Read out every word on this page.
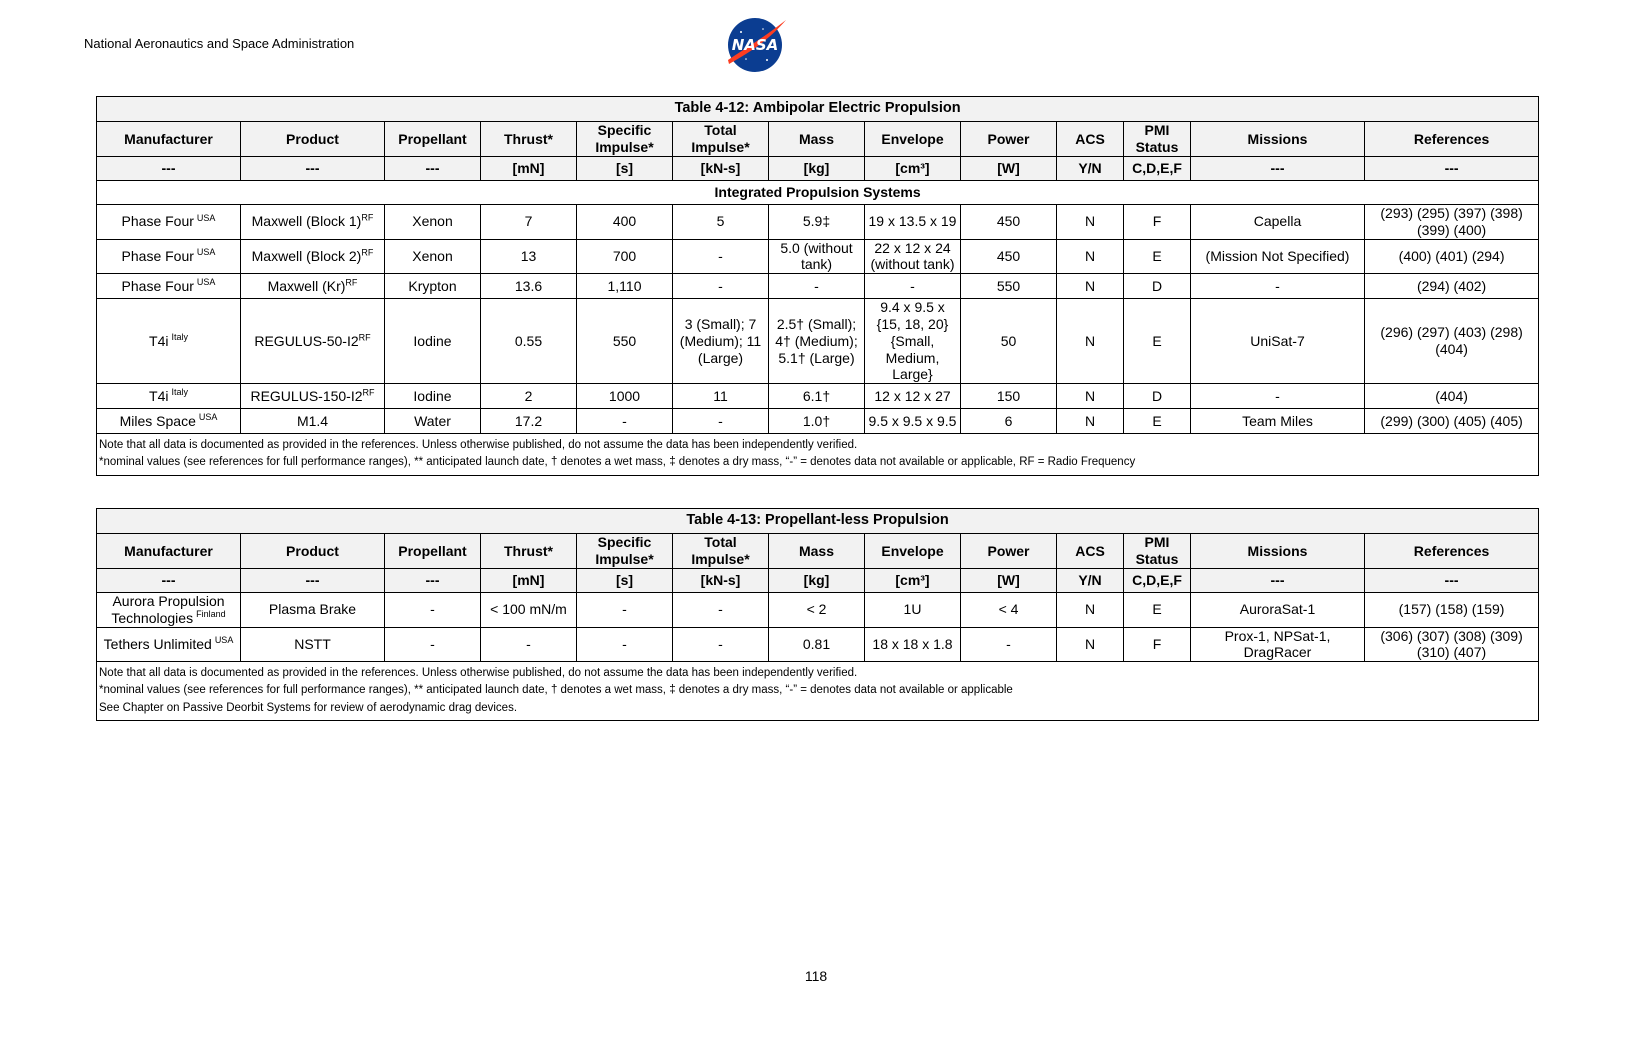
National Aeronautics and Space Administration	NASA
Table 4-12: Ambipolar Electric Propulsion												
Manufacturer	Product	Propellant	Thrust*	Specific Impulse*	Total Impulse*	Mass	Envelope	Power	ACS	PMI Status	Missions	References
---	---	---	[mN]	[s]	[kN-s]	[kg]	[cm³]	[W]	Y/N	C,D,E,F	---	---
Integrated Propulsion Systems												
Phase Four $^{USA}$	Maxwell (Block 1)$^{RF}$	Xenon	7	400	5	5.9‡	19 x 13.5 x 19	450	N	F	Capella	(293) (295) (397) (398) (399) (400)
Phase Four $^{USA}$	Maxwell (Block 2)$^{RF}$	Xenon	13	700	-	5.0 (without tank)	22 x 12 x 24 (without tank)	450	N	E	(Mission Not Specified)	(400) (401) (294)
Phase Four $^{USA}$	Maxwell $(Kr)^{RF}$	Krypton	13.6	1,110	-	-	-	550	N	D	-	(294) (402)
T4i $^{Italy}$	REGULUS-$50-I2^{RF}$	Iodine	0.55	550	3 (Small); 7 (Medium); 11 (Large)	2.5† (Small); 4† (Medium); 5.1† (Large)	9.4 x 9.5 x {15, 18, 20} {Small, Medium, Large}	50	N	E	UniSat-7	(296) (297) (403) (298) (404)
T4i $^{Italy}$	REGULUS-$150-I2^{RF}$	Iodine	2	1000	11	6.1†	12 x 12 x 27	150	N	D	-	(404)
Miles Space $^{USA}$	M1.4	Water	17.2	-	-	1.0†	9.5 x 9.5 x 9.5	6	N	E	Team Miles	(299) (300) (405) (405)

Note that all data is documented as provided in the references. Unless otherwise published, do not assume the data has been independently verified.
*nominal values (see references for full performance ranges), ** anticipated launch date, † denotes a wet mass, ‡ denotes a dry mass, “-” = denotes data not available or applicable, RF = Radio Frequency												
Table 4-13: Propellant-less Propulsion												
Manufacturer	Product	Propellant	Thrust*	Specific Impulse*	Total Impulse*	Mass	Envelope	Power	ACS	PMI Status	Missions	References
---	---	---	[mN]	[s]	[kN-s]	[kg]	[cm³]	[W]	Y/N	C,D,E,F	---	---
Aurora Propulsion Technologies $^{Finland}$	Plasma Brake	-	< 100 mN/m	-	-	< 2	1U	< 4	N	E	AuroraSat-1	(157) (158) (159)
Tethers Unlimited $^{USA}$	NSTT	-	-	-	-	0.81	18 x 18 x 1.8	-	N	F	Prox-1, NPSat-1, DragRacer	(306) (307) (308) (309) (310) (407)

Note that all data is documented as provided in the references. Unless otherwise published, do not assume the data has been independently verified.
*nominal values (see references for full performance ranges), ** anticipated launch date, † denotes a wet mass, ‡ denotes a dry mass, “-” = denotes data not available or applicable
See Chapter on Passive Deorbit Systems for review of aerodynamic drag devices.												
118
